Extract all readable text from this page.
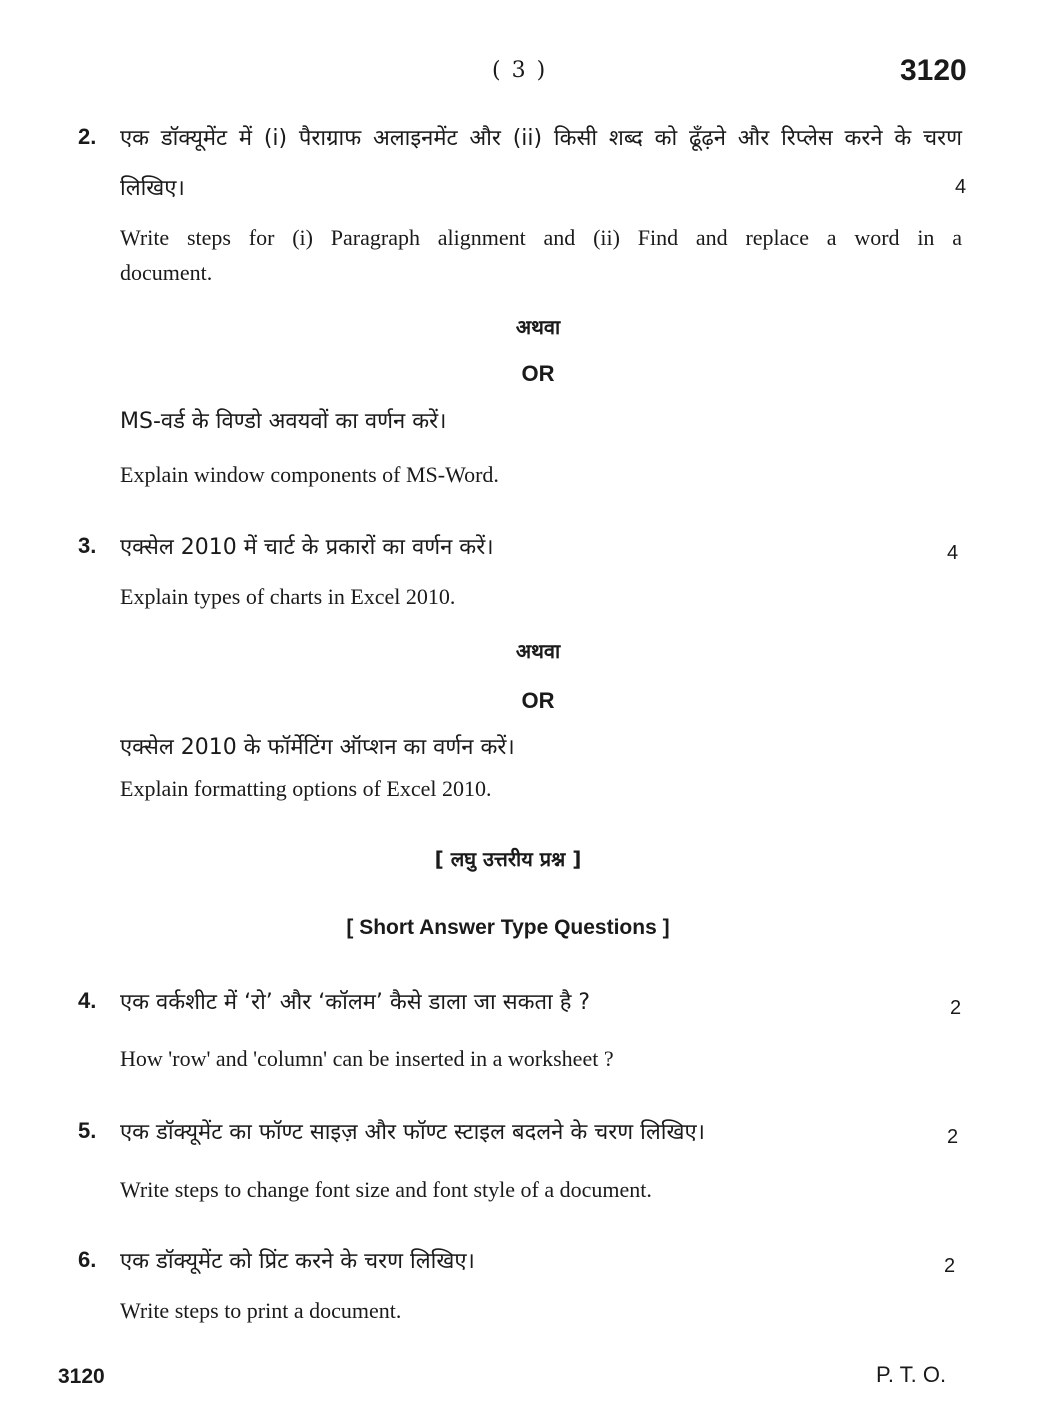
( 3 )	3120
2. एक डॉक्यूमेंट में (i) पैराग्राफ अलाइनमेंट और (ii) किसी शब्द को ढूँढ़ने और रिप्लेस करने के चरण
लिखिए।	4
Write steps for (i) Paragraph alignment and (ii) Find and replace a word in a
document.
अथवा
OR
MS-वर्ड के विण्डो अवयवों का वर्णन करें।
Explain window components of MS-Word.
3. एक्सेल 2010 में चार्ट के प्रकारों का वर्णन करें।	4
Explain types of charts in Excel 2010.
अथवा
OR
एक्सेल 2010 के फॉर्मेटिंग ऑप्शन का वर्णन करें।
Explain formatting options of Excel 2010.
[ लघु उत्तरीय प्रश्न ]
[ Short Answer Type Questions ]
4. एक वर्कशीट में ‘रो’ और ‘कॉलम’ कैसे डाला जा सकता है ?	2
How 'row' and 'column' can be inserted in a worksheet ?
5. एक डॉक्यूमेंट का फॉण्ट साइज़ और फॉण्ट स्टाइल बदलने के चरण लिखिए।	2
Write steps to change font size and font style of a document.
6. एक डॉक्यूमेंट को प्रिंट करने के चरण लिखिए।	2
Write steps to print a document.
3120	P. T. O.
